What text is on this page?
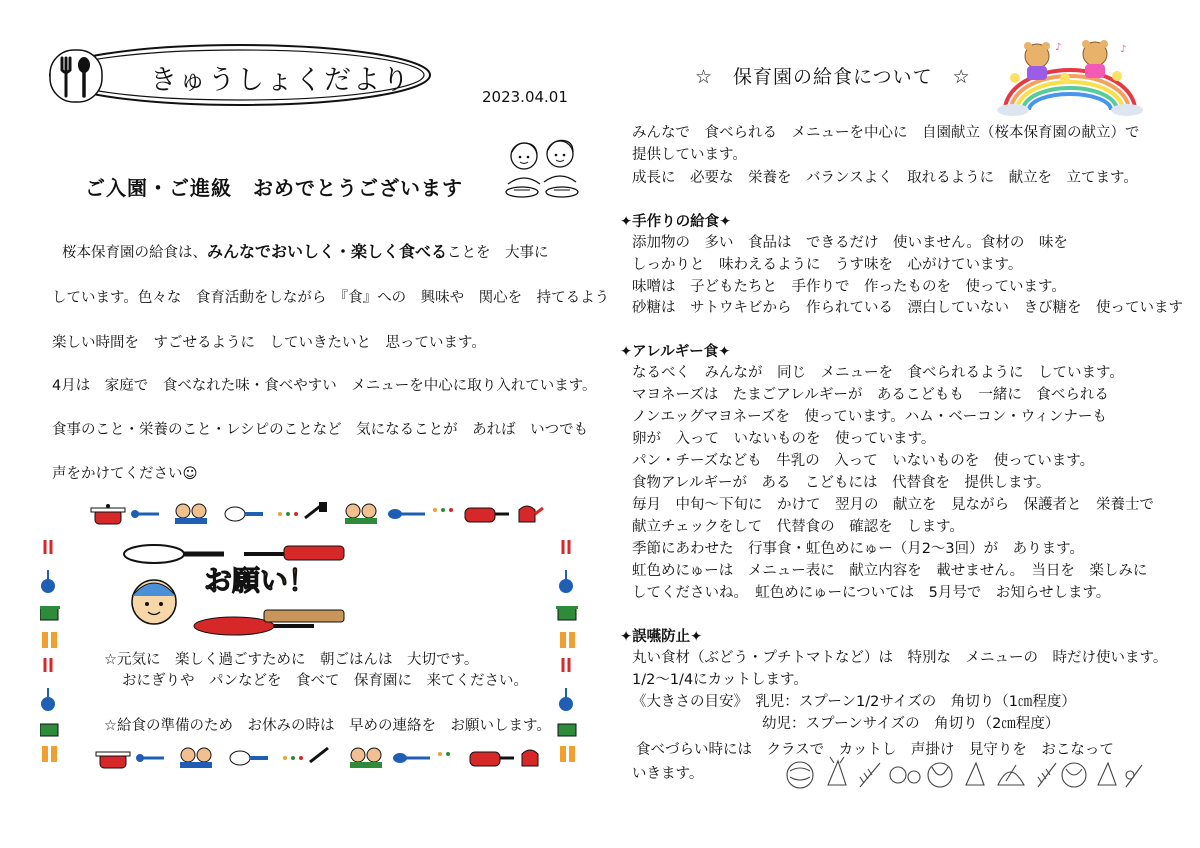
きゅうしょくだより
2023.04.01
ご入園・ご進級　おめでとうございます
桜本保育園の給食は、みんなでおいしく・楽しく食べることを　大事に
しています。色々な　食育活動をしながら　『食』への　興味や　関心を　持てるよう
楽しい時間を　すごせるように　していきたいと　思っています。
4月は　家庭で　食べなれた味・食べやすい　メニューを中心に取り入れています。
食事のこと・栄養のこと・レシピのことなど　気になることが　あれば　いつでも
声をかけてください☺
お願い！
☆元気に　楽しく過ごすために　朝ごはんは　大切です。
おにぎりや　パンなどを　食べて　保育園に　来てください。
☆給食の準備のため　お休みの時は　早めの連絡を　お願いします。
☆　保育園の給食について　☆
♪	♪
みんなで　食べられる　メニューを中心に　自園献立（桜本保育園の献立）で
提供しています。
成長に　必要な　栄養を　バランスよく　取れるように　献立を　立てます。
✦手作りの給食✦
添加物の　多い　食品は　できるだけ　使いません。食材の　味を
しっかりと　味わえるように　うす味を　心がけています。
味噌は　子どもたちと　手作りで　作ったものを　使っています。
砂糖は　サトウキビから　作られている　漂白していない　きび糖を　使っています
✦アレルギー食✦
なるべく　みんなが　同じ　メニューを　食べられるように　しています。
マヨネーズは　たまごアレルギーが　あるこどもも　一緒に　食べられる
ノンエッグマヨネーズを　使っています。ハム・ベーコン・ウィンナーも
卵が　入って　いないものを　使っています。
パン・チーズなども　牛乳の　入って　いないものを　使っています。
食物アレルギーが　ある　こどもには　代替食を　提供します。
毎月　中旬～下旬に　かけて　翌月の　献立を　見ながら　保護者と　栄養士で
献立チェックをして　代替食の　確認を　します。
季節にあわせた　行事食・虹色めにゅー（月2～3回）が　あります。
虹色めにゅーは　メニュー表に　献立内容を　載せません。　当日を　楽しみに
してくださいね。　虹色めにゅーについては　5月号で　お知らせします。
✦誤嚥防止✦
丸い食材（ぶどう・プチトマトなど）は　特別な　メニューの　時だけ使います。
1/2～1/4にカットします。
《大きさの目安》　乳児：スプーン1/2サイズの　角切り（1㎝程度）
幼児：スプーンサイズの　角切り（2㎝程度）
食べづらい時には　クラスで　カットし　声掛け　見守りを　おこなって
いきます。
